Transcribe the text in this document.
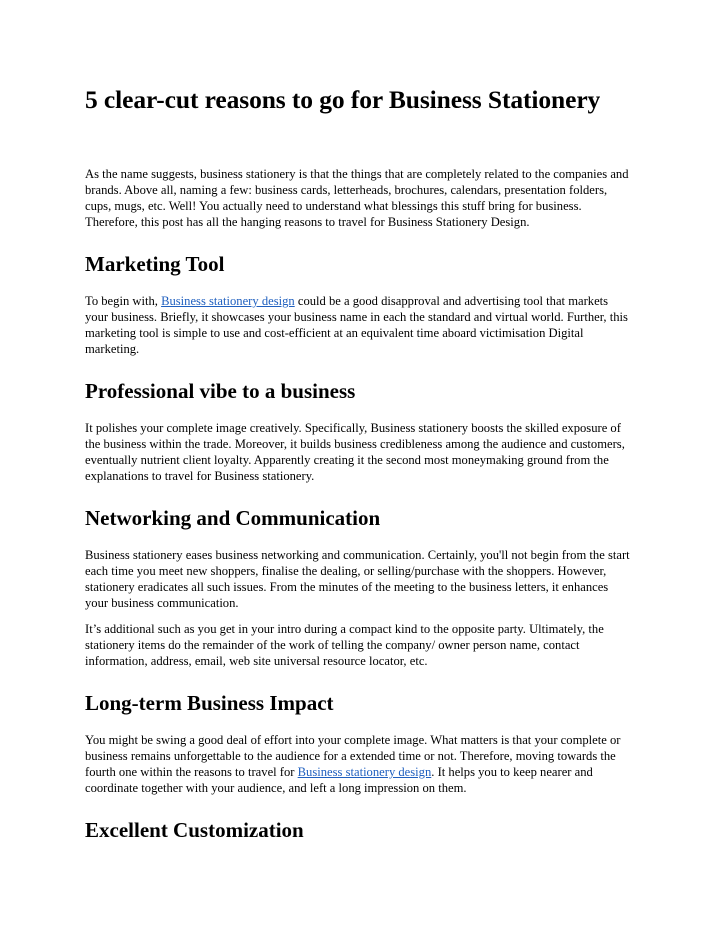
5 clear-cut reasons to go for Business Stationery

As the name suggests, business stationery is that the things that are completely related to the companies and brands. Above all, naming a few: business cards, letterheads, brochures, calendars, presentation folders, cups, mugs, etc. Well! You actually need to understand what blessings this stuff bring for business. Therefore, this post has all the hanging reasons to travel for Business Stationery Design.

Marketing Tool

To begin with, Business stationery design could be a good disapproval and advertising tool that markets your business. Briefly, it showcases your business name in each the standard and virtual world. Further, this marketing tool is simple to use and cost-efficient at an equivalent time aboard victimisation Digital marketing.

Professional vibe to a business

It polishes your complete image creatively. Specifically, Business stationery boosts the skilled exposure of the business within the trade. Moreover, it builds business credibleness among the audience and customers, eventually nutrient client loyalty. Apparently creating it the second most moneymaking ground from the explanations to travel for Business stationery.

Networking and Communication

Business stationery eases business networking and communication. Certainly, you'll not begin from the start each time you meet new shoppers, finalise the dealing, or selling/purchase with the shoppers. However, stationery eradicates all such issues. From the minutes of the meeting to the business letters, it enhances your business communication.

It’s additional such as you get in your intro during a compact kind to the opposite party. Ultimately, the stationery items do the remainder of the work of telling the company/ owner person name, contact information, address, email, web site universal resource locator, etc.

Long-term Business Impact

You might be swing a good deal of effort into your complete image. What matters is that your complete or business remains unforgettable to the audience for a extended time or not. Therefore, moving towards the fourth one within the reasons to travel for Business stationery design. It helps you to keep nearer and coordinate together with your audience, and left a long impression on them.

Excellent Customization
